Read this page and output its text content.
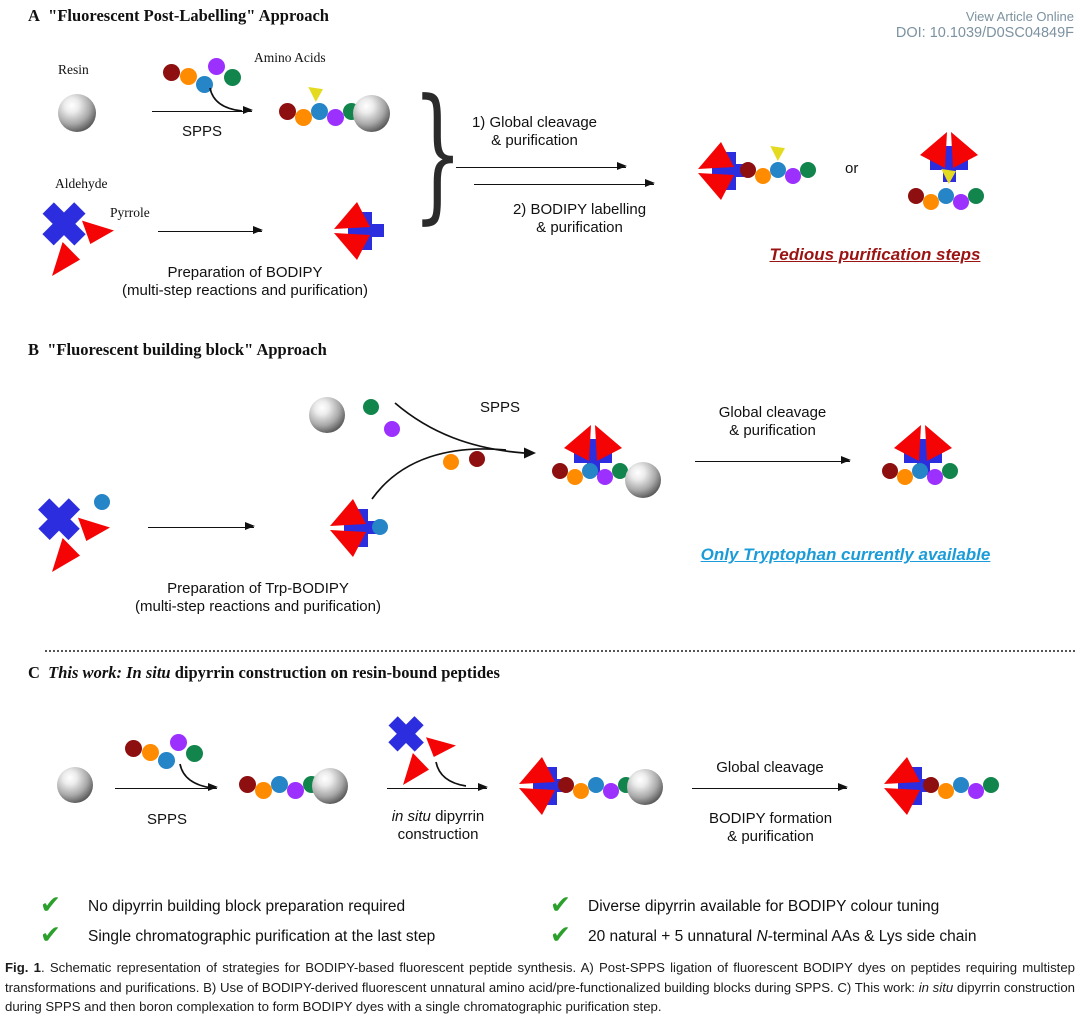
View Article Online
DOI: 10.1039/D0SC04849F
A "Fluorescent Post-Labelling" Approach
Resin
Amino Acids
SPPS } 1) Global cleavage
& purification
2) BODIPY labelling
& purification
or
Tedious purification steps
Aldehyde
Pyrrole
Preparation of BODIPY
(multi-step reactions and purification)
B "Fluorescent building block" Approach
SPPS
Preparation of Trp-BODIPY
(multi-step reactions and purification)
Global cleavage
& purification
Only Tryptophan currently available
C This work: In situ dipyrrin construction on resin-bound peptides
SPPS	in situ dipyrrin
construction
Global cleavage
BODIPY formation
& purification
✔ No dipyrrin building block preparation required
✔ Single chromatographic purification at the last step
✔ Diverse dipyrrin available for BODIPY colour tuning
✔ 20 natural + 5 unnatural N-terminal AAs & Lys side chain
Fig. 1. Schematic representation of strategies for BODIPY-based fluorescent peptide synthesis. A) Post-SPPS ligation of fluorescent BODIPY dyes on peptides requiring multistep transformations and purifications. B) Use of BODIPY-derived fluorescent unnatural amino acid/pre-functionalized building blocks during SPPS. C) This work: in situ dipyrrin construction during SPPS and then boron complexation to form BODIPY dyes with a single chromatographic purification step.
